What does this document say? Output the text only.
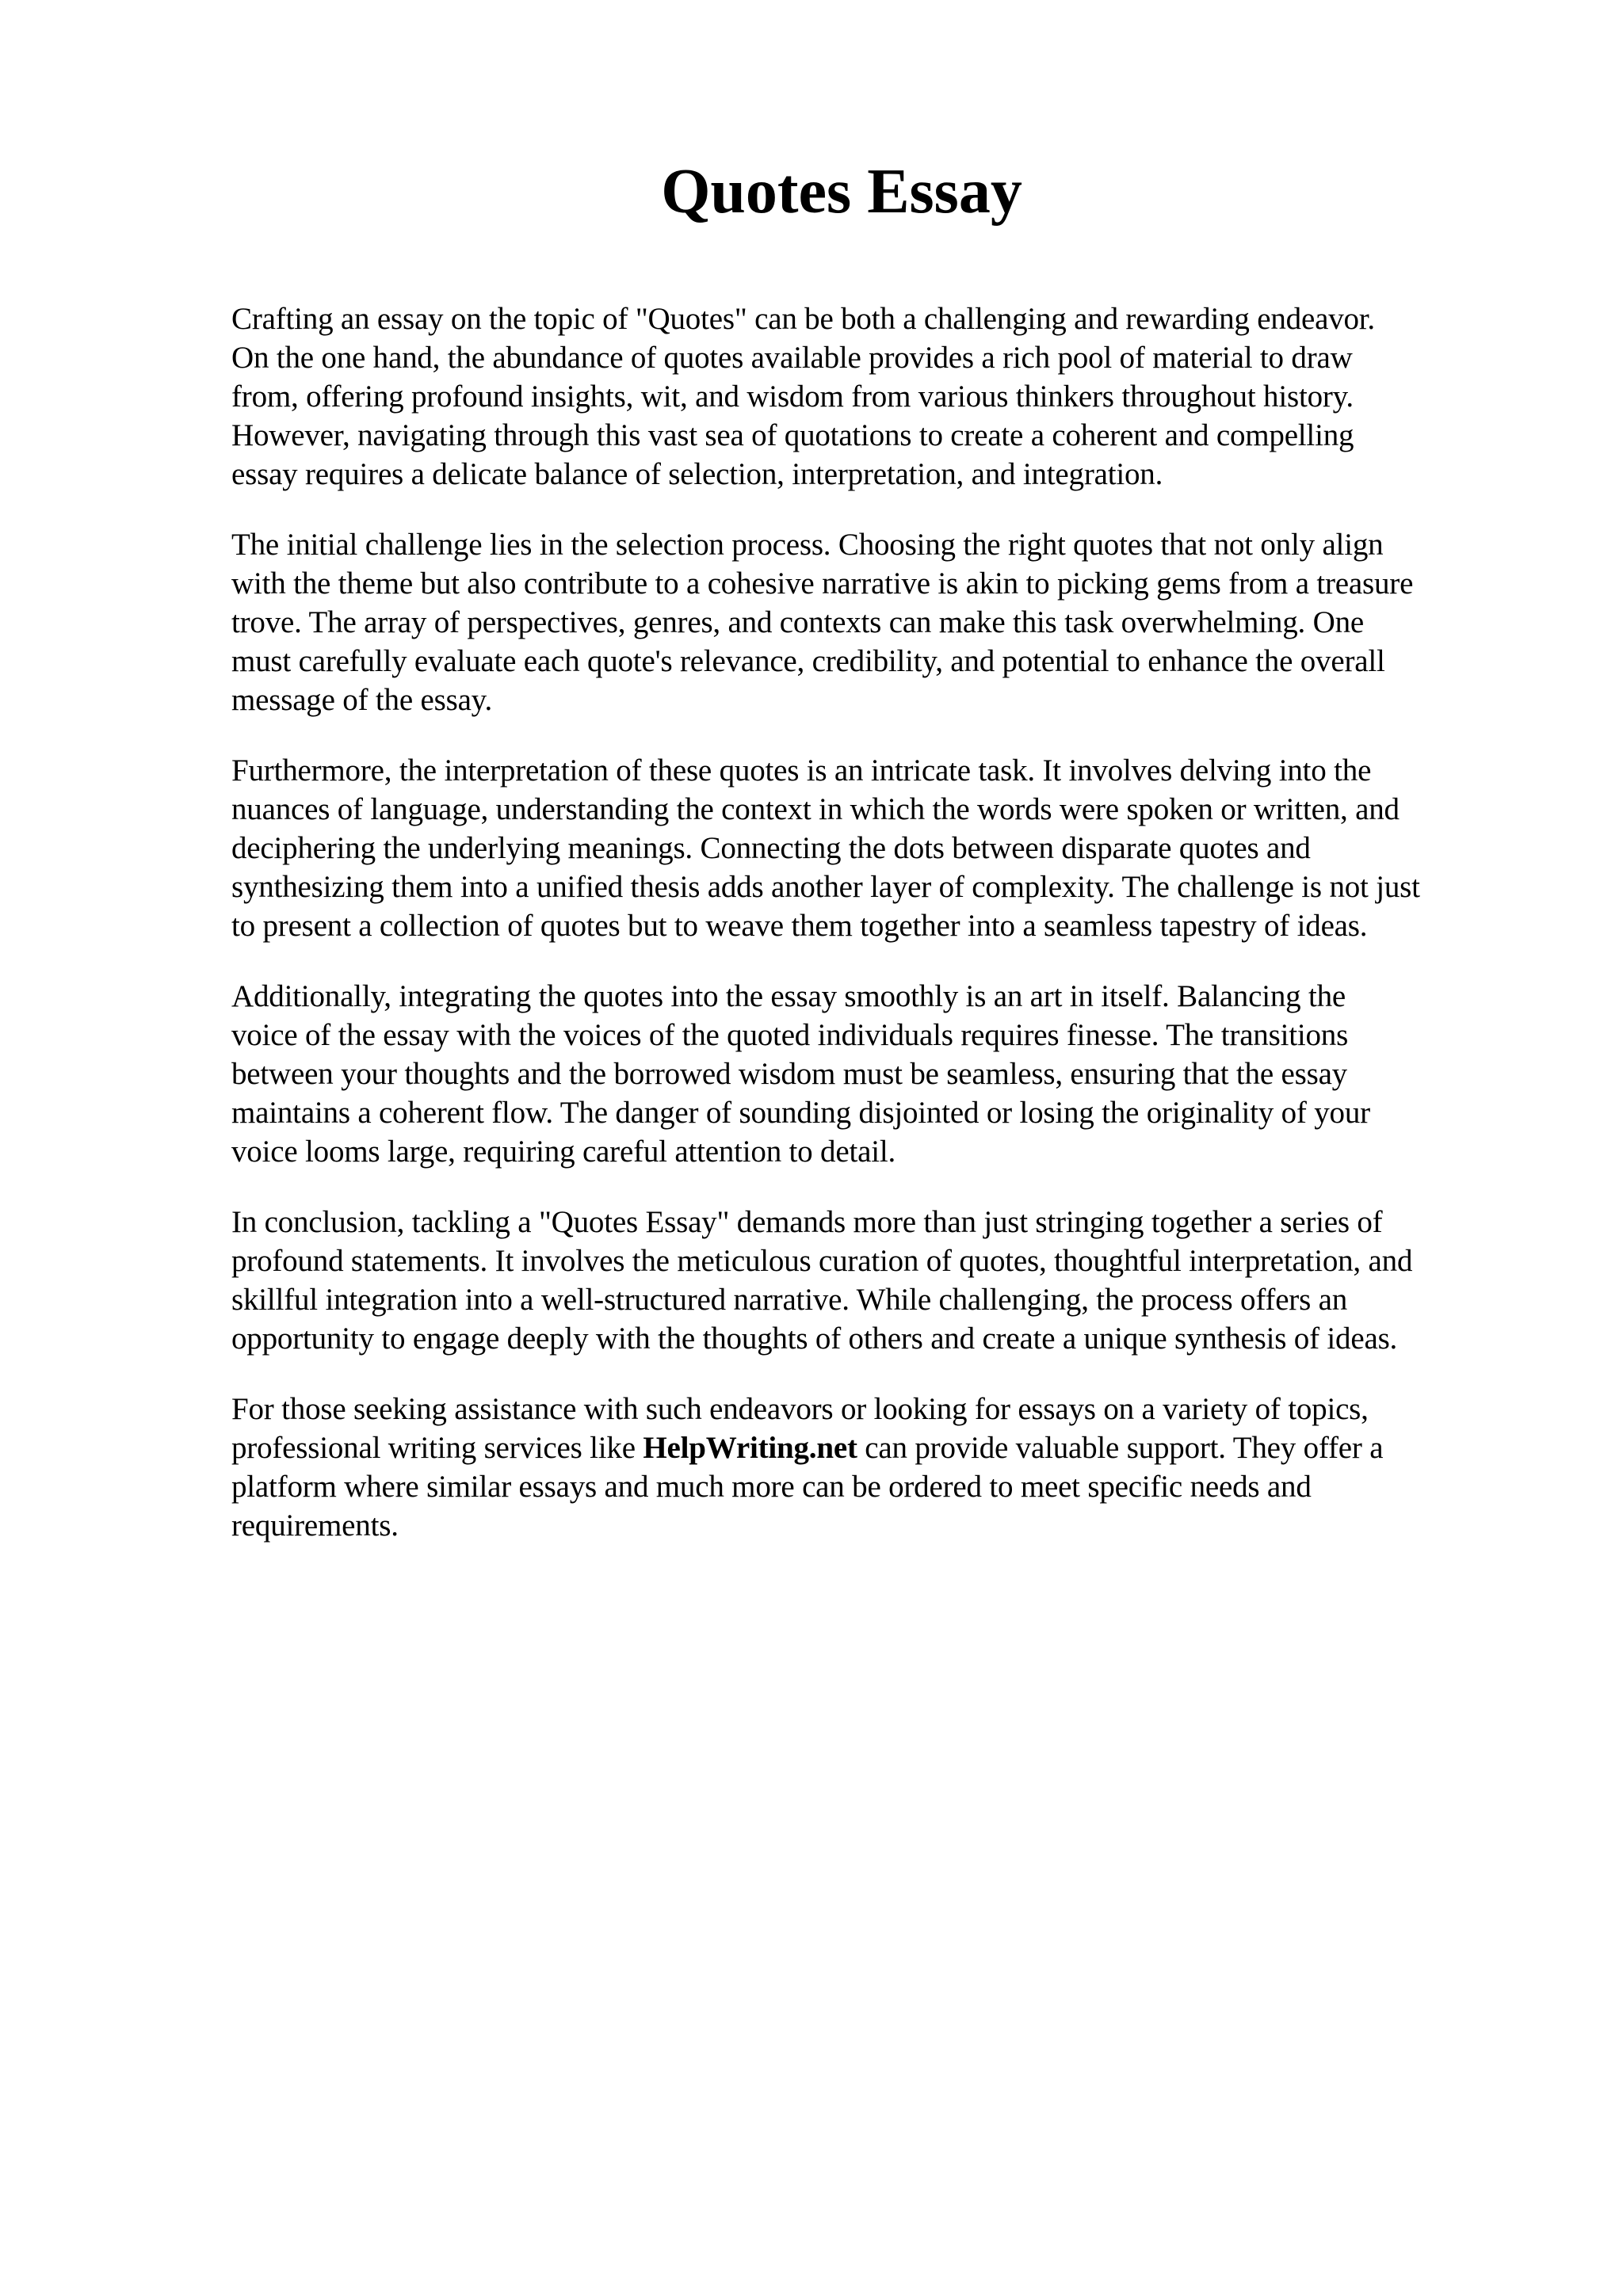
Quotes Essay

Crafting an essay on the topic of "Quotes" can be both a challenging and rewarding endeavor.
On the one hand, the abundance of quotes available provides a rich pool of material to draw
from, offering profound insights, wit, and wisdom from various thinkers throughout history.
However, navigating through this vast sea of quotations to create a coherent and compelling
essay requires a delicate balance of selection, interpretation, and integration.

The initial challenge lies in the selection process. Choosing the right quotes that not only align
with the theme but also contribute to a cohesive narrative is akin to picking gems from a treasure
trove. The array of perspectives, genres, and contexts can make this task overwhelming. One
must carefully evaluate each quote's relevance, credibility, and potential to enhance the overall
message of the essay.

Furthermore, the interpretation of these quotes is an intricate task. It involves delving into the
nuances of language, understanding the context in which the words were spoken or written, and
deciphering the underlying meanings. Connecting the dots between disparate quotes and
synthesizing them into a unified thesis adds another layer of complexity. The challenge is not just
to present a collection of quotes but to weave them together into a seamless tapestry of ideas.

Additionally, integrating the quotes into the essay smoothly is an art in itself. Balancing the
voice of the essay with the voices of the quoted individuals requires finesse. The transitions
between your thoughts and the borrowed wisdom must be seamless, ensuring that the essay
maintains a coherent flow. The danger of sounding disjointed or losing the originality of your
voice looms large, requiring careful attention to detail.

In conclusion, tackling a "Quotes Essay" demands more than just stringing together a series of
profound statements. It involves the meticulous curation of quotes, thoughtful interpretation, and
skillful integration into a well-structured narrative. While challenging, the process offers an
opportunity to engage deeply with the thoughts of others and create a unique synthesis of ideas.

For those seeking assistance with such endeavors or looking for essays on a variety of topics,
professional writing services like HelpWriting.net can provide valuable support. They offer a
platform where similar essays and much more can be ordered to meet specific needs and
requirements.
